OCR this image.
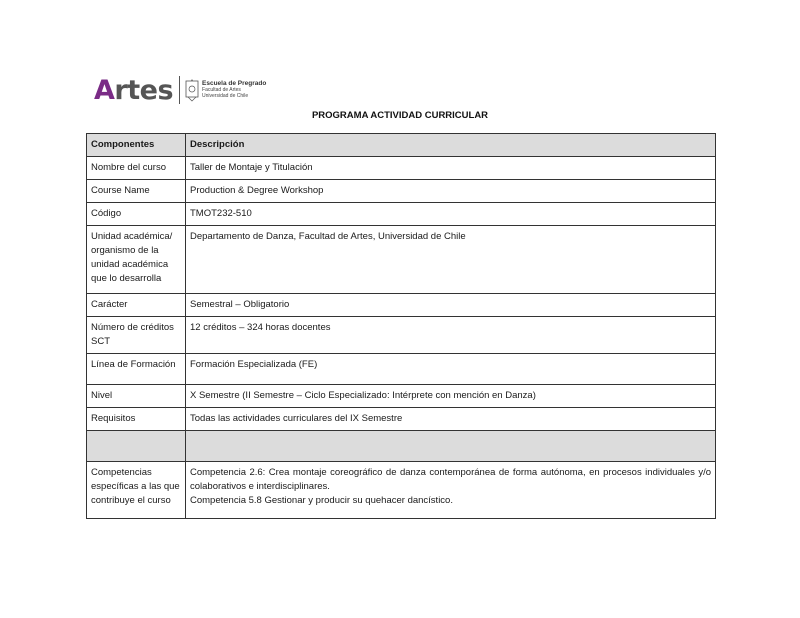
Artes	Escuela de Pregrado
Facultad de Artes
Universidad de Chile
PROGRAMA ACTIVIDAD CURRICULAR
Componentes	Descripción
Nombre del curso	Taller de Montaje y Titulación
Course Name	Production & Degree Workshop
Código	TMOT232-510
Unidad académica/ organismo de la unidad académica que lo desarrolla	Departamento de Danza, Facultad de Artes, Universidad de Chile
Carácter	Semestral – Obligatorio
Número de créditos SCT	12 créditos – 324 horas docentes
Línea de Formación	Formación Especializada (FE)
Nivel	X Semestre (II Semestre – Ciclo Especializado: Intérprete con mención en Danza)
Requisitos	Todas las actividades curriculares del IX Semestre

Competencias específicas a las que contribuye el curso	Competencia 2.6: Crea montaje coreográfico de danza contemporánea de forma autónoma, en procesos individuales y/o colaborativos e interdisciplinares.
Competencia 5.8 Gestionar y producir su quehacer dancístico.
